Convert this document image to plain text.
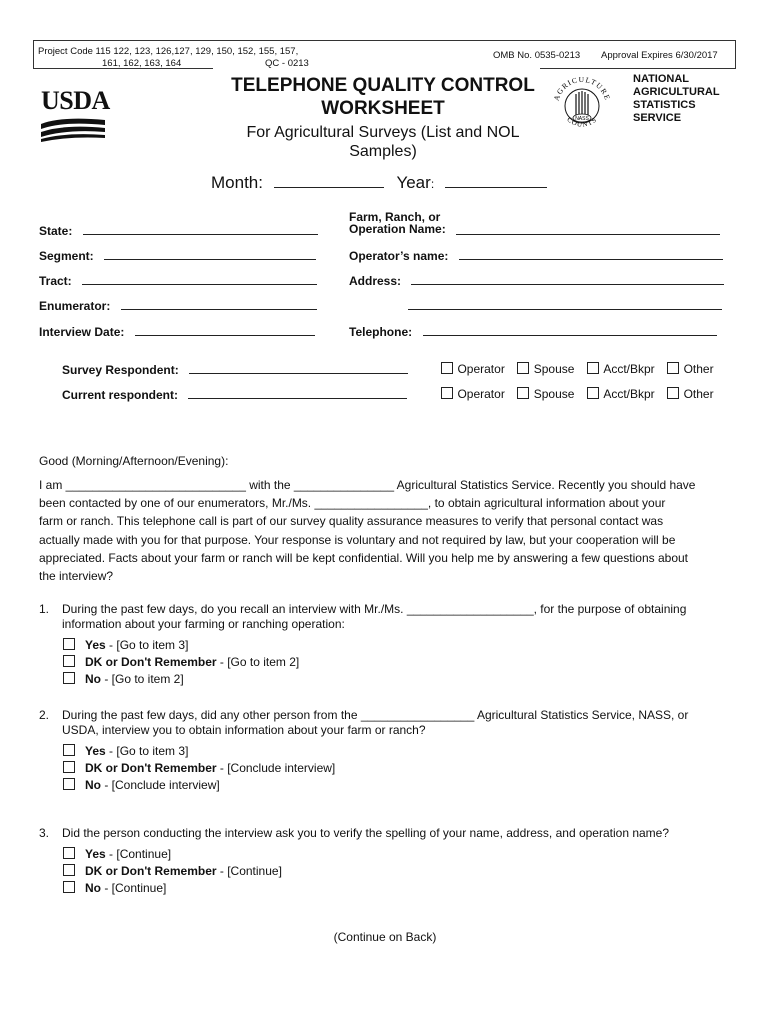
Project Code 115 122, 123, 126,127, 129, 150, 152, 155, 157,
161, 162, 163, 164	QC - 0213
OMB No. 0535-0213 Approval Expires 6/30/2017
USDA
TELEPHONE QUALITY CONTROL
WORKSHEET
For Agricultural Surveys (List and NOL
Samples)
NASS
AGRICULTURE
COUNTS
NATIONAL
AGRICULTURAL
STATISTICS
SERVICE
Month:	Year:
State:
Segment:
Tract:
Enumerator:
Interview Date:
Farm, Ranch, or
Operation Name:
Operator’s name:
Address:
Telephone:
Survey Respondent:	Operator Spouse Acct/Bkpr Other
Current respondent:	Operator Spouse Acct/Bkpr Other
Good (Morning/Afternoon/Evening):
I am ___________________________ with the _______________ Agricultural Statistics Service. Recently you should have
been contacted by one of our enumerators, Mr./Ms. _________________, to obtain agricultural information about your
farm or ranch. This telephone call is part of our survey quality assurance measures to verify that personal contact was
actually made with you for that purpose. Your response is voluntary and not required by law, but your cooperation will be
appreciated. Facts about your farm or ranch will be kept confidential. Will you help me by answering a few questions about
the interview?
1. During the past few days, do you recall an interview with Mr./Ms. ___________________, for the purpose of obtaining
information about your farming or ranching operation:
Yes - [Go to item 3]
DK or Don't Remember - [Go to item 2]
No - [Go to item 2]
2. During the past few days, did any other person from the _________________ Agricultural Statistics Service, NASS, or
USDA, interview you to obtain information about your farm or ranch?
Yes - [Go to item 3]
DK or Don't Remember - [Conclude interview]
No - [Conclude interview]
3. Did the person conducting the interview ask you to verify the spelling of your name, address, and operation name?
Yes - [Continue]
DK or Don't Remember - [Continue]
No - [Continue]
(Continue on Back)
